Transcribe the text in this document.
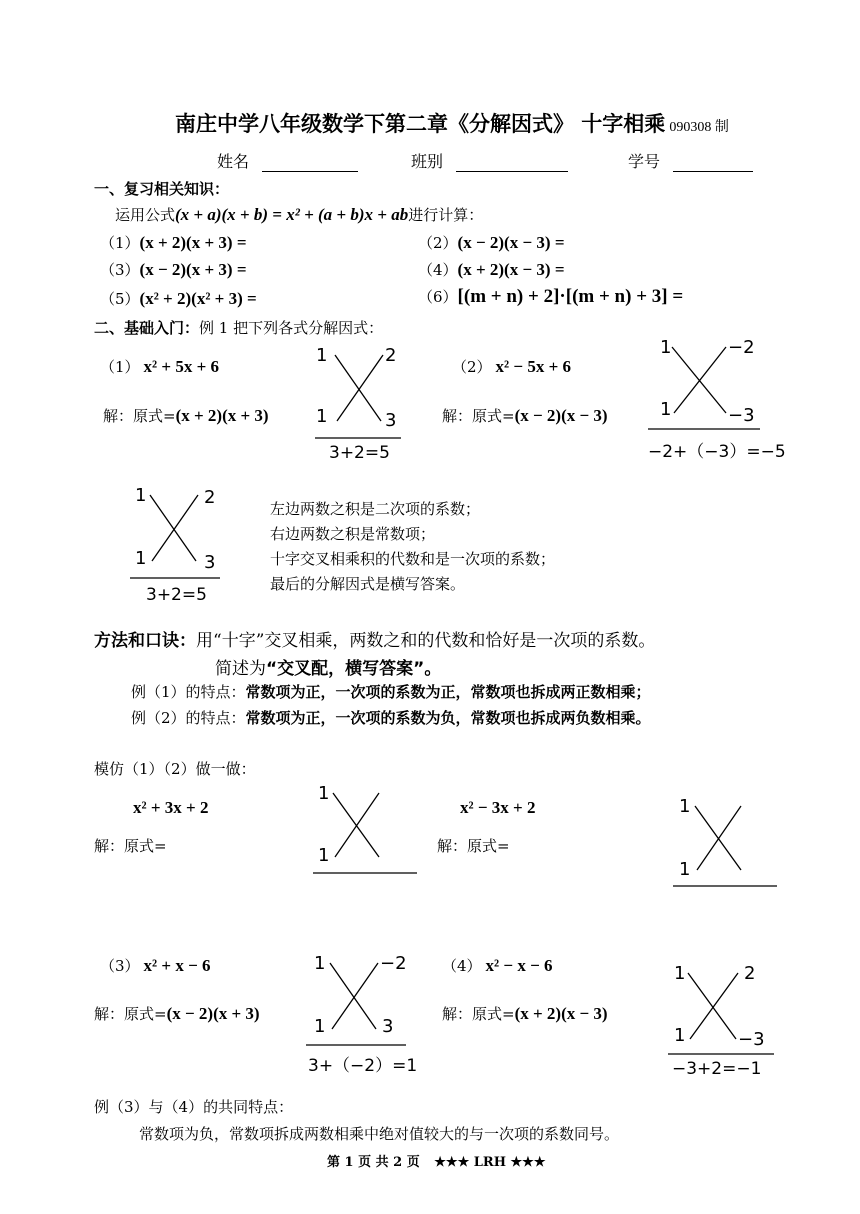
南庄中学八年级数学下第二章《分解因式》 十字相乘 090308 制
姓名	班别	学号
一、复习相关知识：
运用公式(x + a)(x + b) = x² + (a + b)x + ab进行计算：
（1）(x + 2)(x + 3) =	（2）(x − 2)(x − 3) =
（3）(x − 2)(x + 3) =	（4）(x + 2)(x − 3) =
（5）(x² + 2)(x² + 3) =	（6）[(m + n) + 2]·[(m + n) + 3] =
二、基础入门：例 1 把下列各式分解因式：
（1） x² + 5x + 6
解：原式=(x + 2)(x + 3)
1	2
1	3
3+2=5
（2） x² − 5x + 6
解：原式=(x − 2)(x − 3)
1	−2
1	−3
−2+（−3）=−5
1	2
1	3
3+2=5
左边两数之积是二次项的系数；
右边两数之积是常数项；
十字交叉相乘积的代数和是一次项的系数；
最后的分解因式是横写答案。
方法和口诀：用“十字”交叉相乘，两数之和的代数和恰好是一次项的系数。
简述为“交叉配，横写答案”。
例（1）的特点：常数项为正，一次项的系数为正，常数项也拆成两正数相乘；
例（2）的特点：常数项为正，一次项的系数为负，常数项也拆成两负数相乘。
模仿（1）（2）做一做：
x² + 3x + 2
解：原式=
1
1
x² − 3x + 2
解：原式=
1
1
（3） x² + x − 6
解：原式=(x − 2)(x + 3)
1	−2
1	3
3+（−2）=1
（4） x² − x − 6
解：原式=(x + 2)(x − 3)
1	2
1	−3
−3+2=−1
例（3）与（4）的共同特点：
常数项为负，常数项拆成两数相乘中绝对值较大的与一次项的系数同号。
第 1 页 共 2 页 ★★★ LRH ★★★
